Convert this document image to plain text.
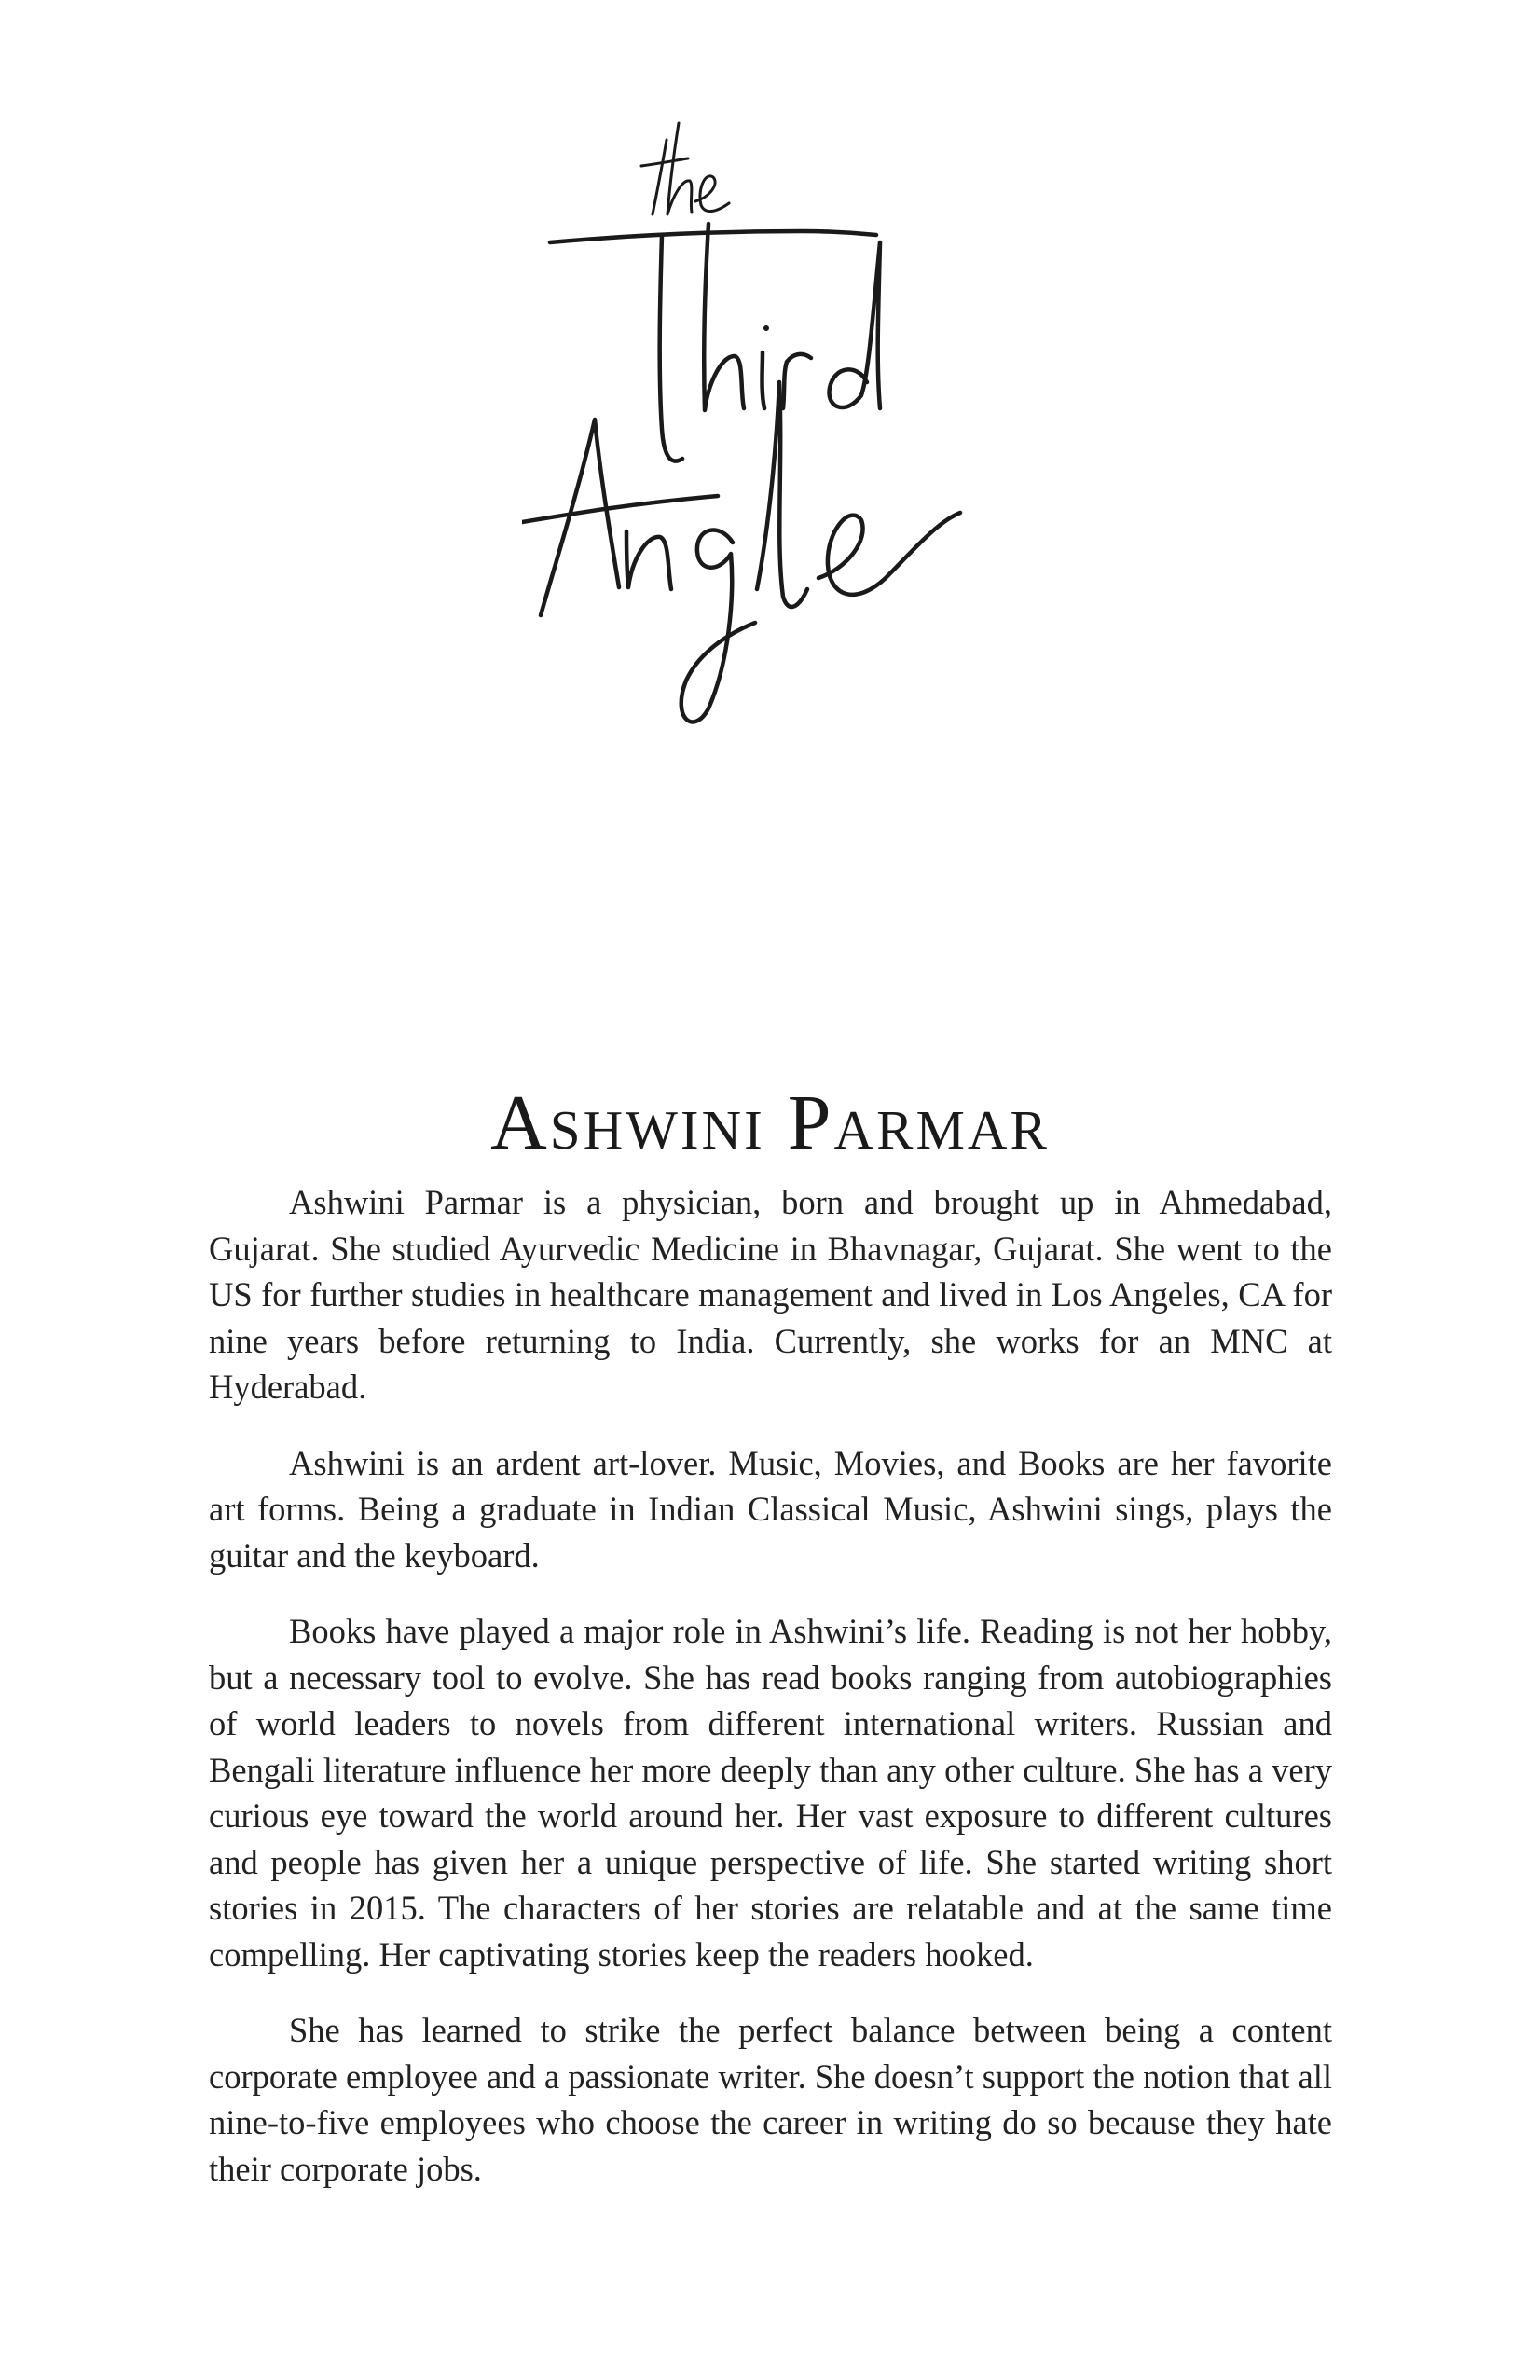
Ashwini Parmar

Ashwini Parmar is a physician, born and brought up in Ahmedabad, Gujarat. She studied Ayurvedic Medicine in Bhavnagar, Gujarat. She went to the US for further studies in healthcare management and lived in Los Angeles, CA for nine years before returning to India. Currently, she works for an MNC at Hyderabad.

Ashwini is an ardent art-lover. Music, Movies, and Books are her favorite art forms. Being a graduate in Indian Classical Music, Ashwini sings, plays the guitar and the keyboard.

Books have played a major role in Ashwini’s life. Reading is not her hobby, but a necessary tool to evolve. She has read books ranging from autobiographies of world leaders to novels from different international writers. Russian and Bengali literature influence her more deeply than any other culture. She has a very curious eye toward the world around her. Her vast exposure to different cultures and people has given her a unique perspective of life. She started writing short stories in 2015. The characters of her stories are relatable and at the same time compelling. Her captivating stories keep the readers hooked.

She has learned to strike the perfect balance between being a content corporate employee and a passionate writer. She doesn’t support the notion that all nine-to-five employees who choose the career in writing do so because they hate their corporate jobs.
